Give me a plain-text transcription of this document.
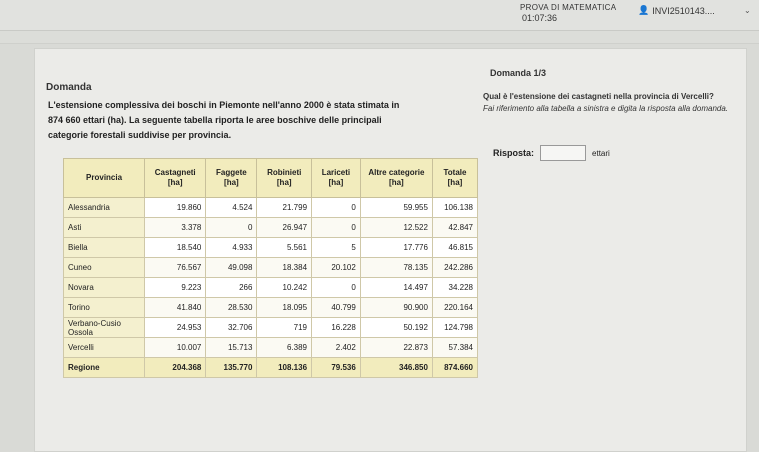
PROVA DI MATEMATICA
01:07:36
👤 INVI2510143....	⌄
Domanda
L'estensione complessiva dei boschi in Piemonte nell'anno 2000 è stata stimata in
874 660 ettari (ha). La seguente tabella riporta le aree boschive delle principali
categorie forestali suddivise per provincia.
Provincia	Castagneti [ha]	Faggete [ha]	Robinieti [ha]	Lariceti [ha]	Altre categorie [ha]	Totale [ha]
Alessandria	19.860	4.524	21.799	0	59.955	106.138
Asti	3.378	0	26.947	0	12.522	42.847
Biella	18.540	4.933	5.561	5	17.776	46.815
Cuneo	76.567	49.098	18.384	20.102	78.135	242.286
Novara	9.223	266	10.242	0	14.497	34.228
Torino	41.840	28.530	18.095	40.799	90.900	220.164
Verbano-Cusio Ossola	24.953	32.706	719	16.228	50.192	124.798
Vercelli	10.007	15.713	6.389	2.402	22.873	57.384
Regione	204.368	135.770	108.136	79.536	346.850	874.660
Domanda 1/3
Qual è l'estensione dei castagneti nella provincia di Vercelli?
Fai riferimento alla tabella a sinistra e digita la risposta alla domanda.
Risposta:	ettari
